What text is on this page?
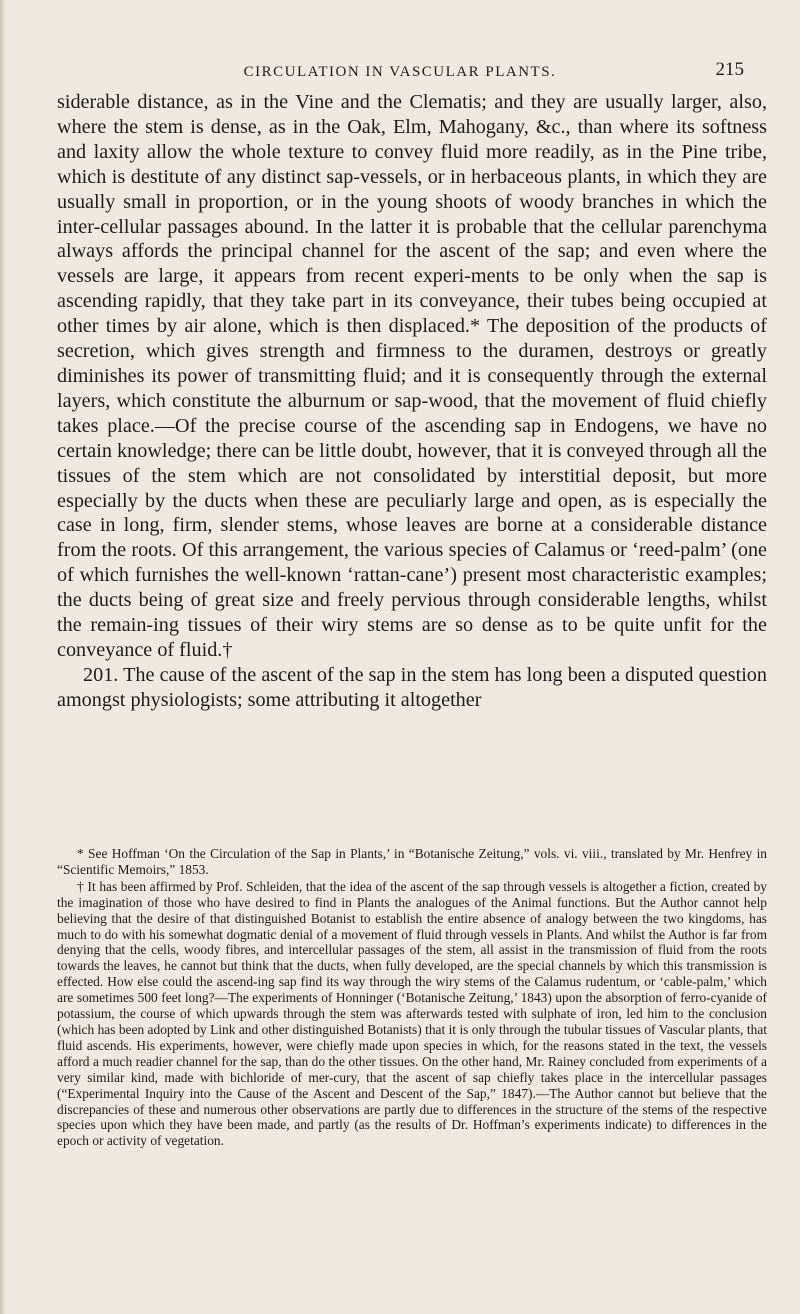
CIRCULATION IN VASCULAR PLANTS.	215

siderable distance, as in the Vine and the Clematis; and they are usually larger, also, where the stem is dense, as in the Oak, Elm, Mahogany, &c., than where its softness and laxity allow the whole texture to convey fluid more readily, as in the Pine tribe, which is destitute of any distinct sap-vessels, or in herbaceous plants, in which they are usually small in proportion, or in the young shoots of woody branches in which the inter-cellular passages abound. In the latter it is probable that the cellular parenchyma always affords the principal channel for the ascent of the sap; and even where the vessels are large, it appears from recent experi-ments to be only when the sap is ascending rapidly, that they take part in its conveyance, their tubes being occupied at other times by air alone, which is then displaced.* The deposition of the products of secretion, which gives strength and firmness to the duramen, destroys or greatly diminishes its power of transmitting fluid; and it is consequently through the external layers, which constitute the alburnum or sap-wood, that the movement of fluid chiefly takes place.—Of the precise course of the ascending sap in Endogens, we have no certain knowledge; there can be little doubt, however, that it is conveyed through all the tissues of the stem which are not consolidated by interstitial deposit, but more especially by the ducts when these are peculiarly large and open, as is especially the case in long, firm, slender stems, whose leaves are borne at a considerable distance from the roots. Of this arrangement, the various species of Calamus or ‘reed-palm’ (one of which furnishes the well-known ‘rattan-cane’) present most characteristic examples; the ducts being of great size and freely pervious through considerable lengths, whilst the remain-ing tissues of their wiry stems are so dense as to be quite unfit for the conveyance of fluid.†

201. The cause of the ascent of the sap in the stem has long been a disputed question amongst physiologists; some attributing it altogether

* See Hoffman ‘On the Circulation of the Sap in Plants,’ in “Botanische Zeitung,” vols. vi. viii., translated by Mr. Henfrey in “Scientific Memoirs,” 1853.

† It has been affirmed by Prof. Schleiden, that the idea of the ascent of the sap through vessels is altogether a fiction, created by the imagination of those who have desired to find in Plants the analogues of the Animal functions. But the Author cannot help believing that the desire of that distinguished Botanist to establish the entire absence of analogy between the two kingdoms, has much to do with his somewhat dogmatic denial of a movement of fluid through vessels in Plants. And whilst the Author is far from denying that the cells, woody fibres, and intercellular passages of the stem, all assist in the transmission of fluid from the roots towards the leaves, he cannot but think that the ducts, when fully developed, are the special channels by which this transmission is effected. How else could the ascend-ing sap find its way through the wiry stems of the Calamus rudentum, or ‘cable-palm,’ which are sometimes 500 feet long?—The experiments of Honninger (‘Botanische Zeitung,’ 1843) upon the absorption of ferro-cyanide of potassium, the course of which upwards through the stem was afterwards tested with sulphate of iron, led him to the conclusion (which has been adopted by Link and other distinguished Botanists) that it is only through the tubular tissues of Vascular plants, that fluid ascends. His experiments, however, were chiefly made upon species in which, for the reasons stated in the text, the vessels afford a much readier channel for the sap, than do the other tissues. On the other hand, Mr. Rainey concluded from experiments of a very similar kind, made with bichloride of mer-cury, that the ascent of sap chiefly takes place in the intercellular passages (“Experimental Inquiry into the Cause of the Ascent and Descent of the Sap,” 1847).—The Author cannot but believe that the discrepancies of these and numerous other observations are partly due to differences in the structure of the stems of the respective species upon which they have been made, and partly (as the results of Dr. Hoffman’s experiments indicate) to differences in the epoch or activity of vegetation.
